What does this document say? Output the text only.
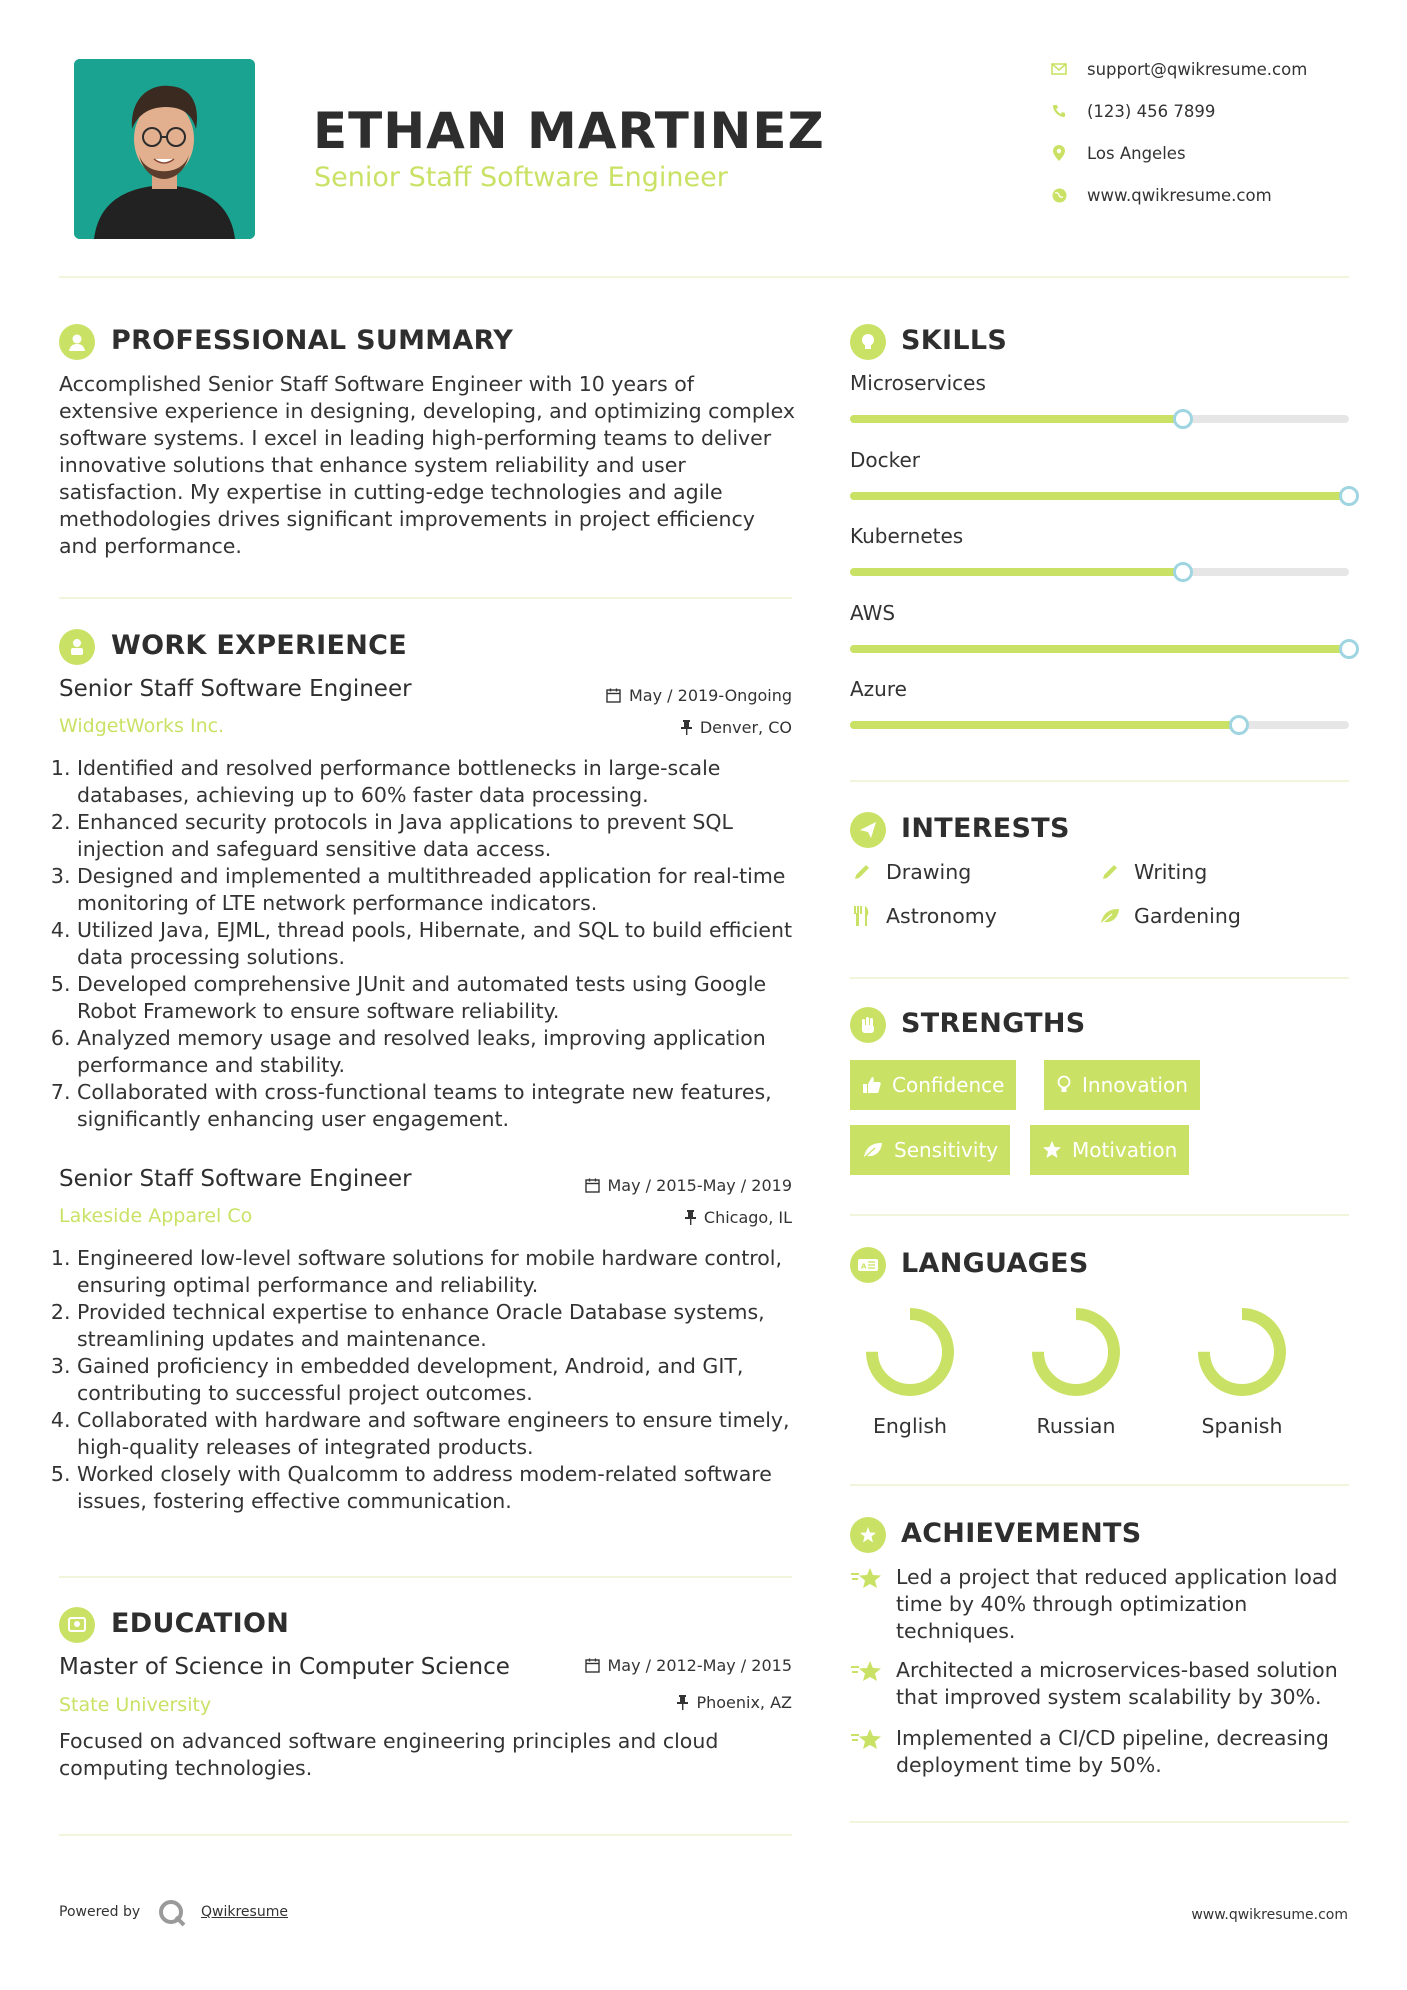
ETHAN MARTINEZ
Senior Staff Software Engineer
support@qwikresume.com
(123) 456 7899
Los Angeles
www.qwikresume.com
PROFESSIONAL SUMMARY
Accomplished Senior Staff Software Engineer with 10 years of extensive experience in designing, developing, and optimizing complex software systems. I excel in leading high-performing teams to deliver innovative solutions that enhance system reliability and user satisfaction. My expertise in cutting-edge technologies and agile methodologies drives significant improvements in project efficiency and performance.
WORK EXPERIENCE
Senior Staff Software Engineer	May / 2019-Ongoing
WidgetWorks Inc.	Denver, CO
1. Identified and resolved performance bottlenecks in large-scale databases, achieving up to 60% faster data processing.
2. Enhanced security protocols in Java applications to prevent SQL injection and safeguard sensitive data access.
3. Designed and implemented a multithreaded application for real-time monitoring of LTE network performance indicators.
4. Utilized Java, EJML, thread pools, Hibernate, and SQL to build efficient data processing solutions.
5. Developed comprehensive JUnit and automated tests using Google Robot Framework to ensure software reliability.
6. Analyzed memory usage and resolved leaks, improving application performance and stability.
7. Collaborated with cross-functional teams to integrate new features, significantly enhancing user engagement.
Senior Staff Software Engineer	May / 2015-May / 2019
Lakeside Apparel Co	Chicago, IL
1. Engineered low-level software solutions for mobile hardware control, ensuring optimal performance and reliability.
2. Provided technical expertise to enhance Oracle Database systems, streamlining updates and maintenance.
3. Gained proficiency in embedded development, Android, and GIT, contributing to successful project outcomes.
4. Collaborated with hardware and software engineers to ensure timely, high-quality releases of integrated products.
5. Worked closely with Qualcomm to address modem-related software issues, fostering effective communication.
EDUCATION
Master of Science in Computer Science	May / 2012-May / 2015
State University	Phoenix, AZ
Focused on advanced software engineering principles and cloud computing technologies.
SKILLS
Microservices
Docker
Kubernetes
AWS
Azure
INTERESTS
Drawing	Writing
Astronomy	Gardening
STRENGTHS
Confidence	Innovation
Sensitivity	Motivation
A LANGUAGES
English	Russian	Spanish
ACHIEVEMENTS
Led a project that reduced application load time by 40% through optimization techniques.
Architected a microservices-based solution that improved system scalability by 30%.
Implemented a CI/CD pipeline, decreasing deployment time by 50%.
Powered by	Qwikresume	www.qwikresume.com
